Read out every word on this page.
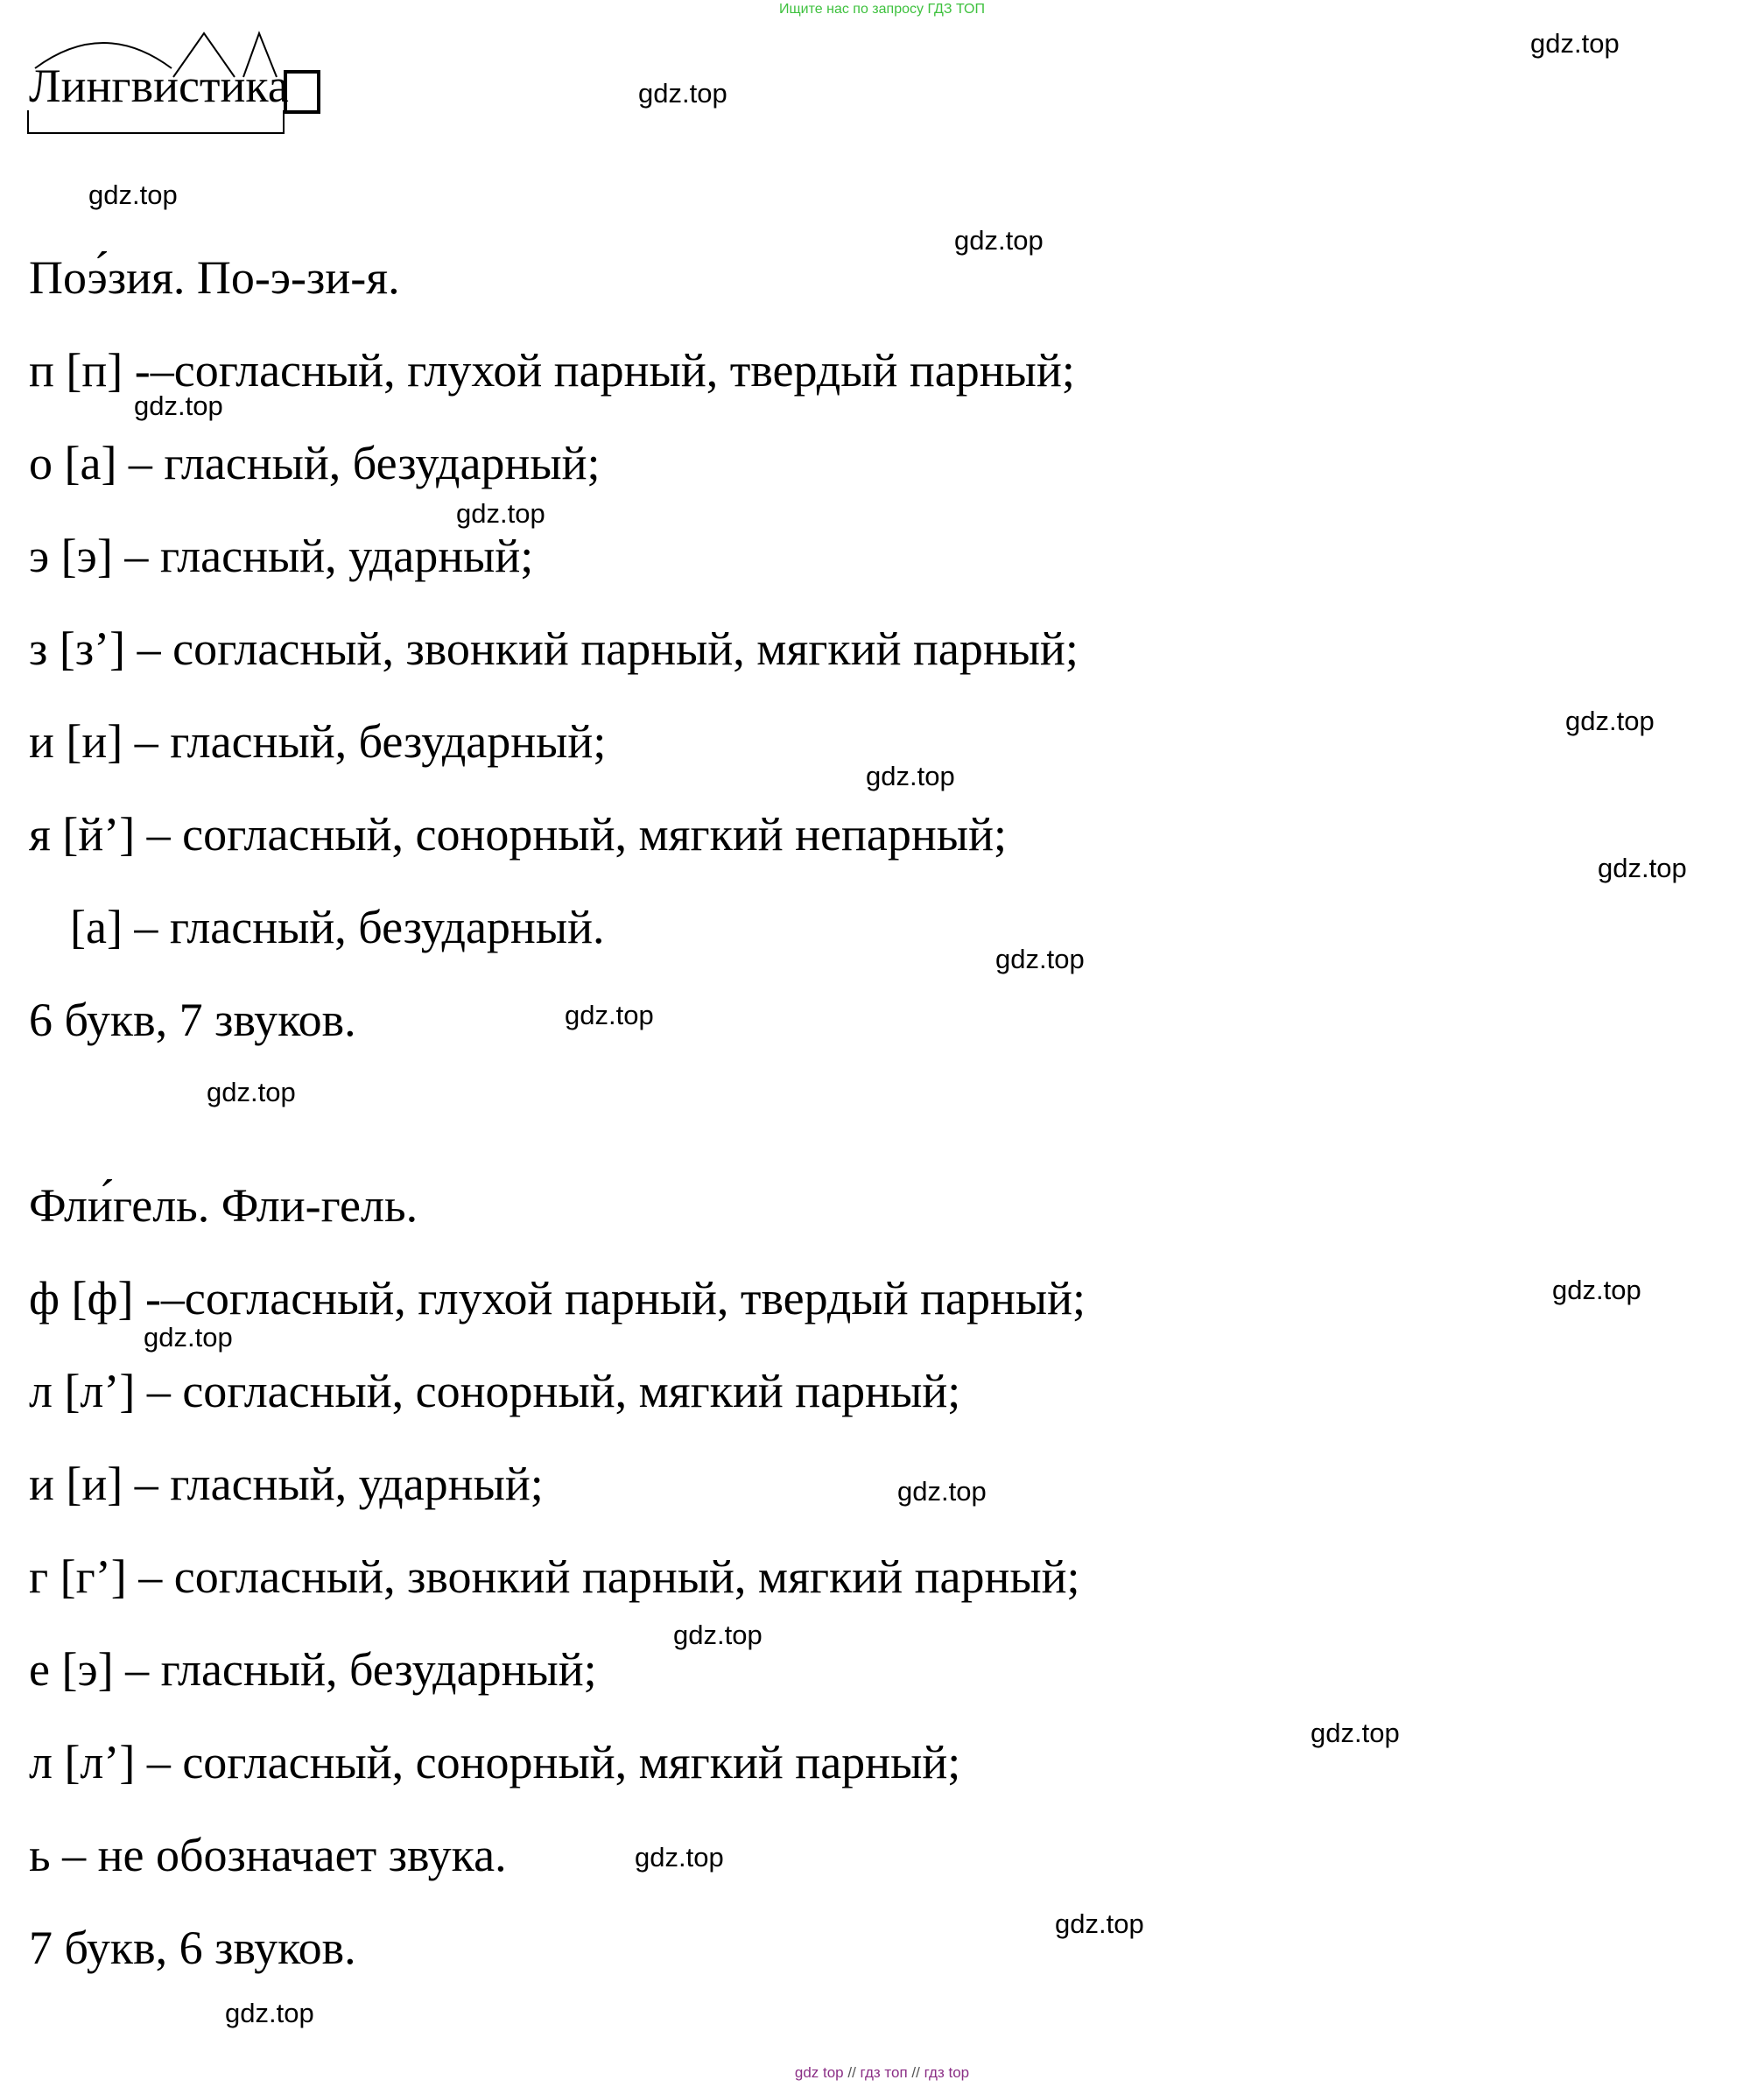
Ищите нас по запросу ГДЗ ТОП
Лингвистика
Поэ́зия. По-э-зи-я.
п [п] -–согласный, глухой парный, твердый парный;
о [а] – гласный, безударный;
э [э] – гласный, ударный;
з [з’] – согласный, звонкий парный, мягкий парный;
и [и] – гласный, безударный;
я [й’] – согласный, сонорный, мягкий непарный;
[а] – гласный, безударный.
6 букв, 7 звуков.
Фли́гель. Фли-гель.
ф [ф] -–согласный, глухой парный, твердый парный;
л [л’] – согласный, сонорный, мягкий парный;
и [и] – гласный, ударный;
г [г’] – согласный, звонкий парный, мягкий парный;
е [э] – гласный, безударный;
л [л’] – согласный, сонорный, мягкий парный;
ь – не обозначает звука.
7 букв, 6 звуков.
gdz.top
gdz.top
gdz.top
gdz.top
gdz.top
gdz.top
gdz.top
gdz.top
gdz.top
gdz.top
gdz.top
gdz.top
gdz.top
gdz.top
gdz.top
gdz.top
gdz.top
gdz.top
gdz.top
gdz.top
gdz top // гдз топ // гдз top
